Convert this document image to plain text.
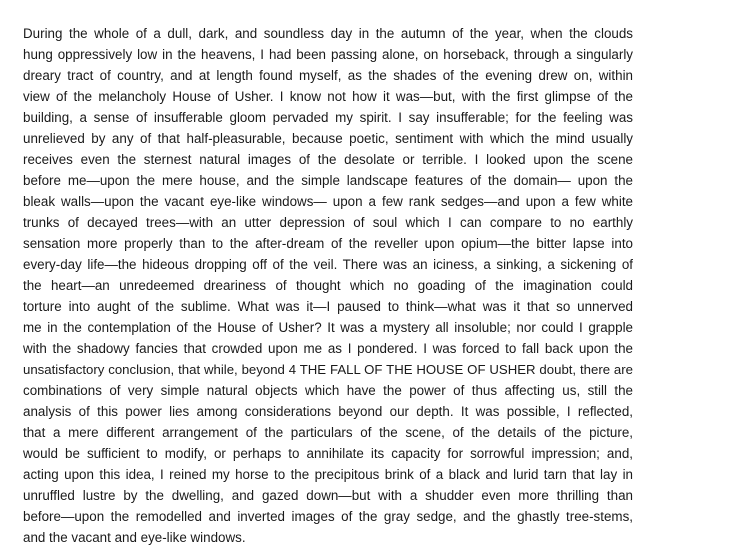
During the whole of a dull, dark, and soundless day in the autumn of the year, when the clouds
hung oppressively low in the heavens, I had been passing alone, on horseback, through a singularly
dreary tract of country, and at length found myself, as the shades of the evening drew on, within
view of the melancholy House of Usher. I know not how it was—but, with the first glimpse of the
building, a sense of insufferable gloom pervaded my spirit. I say insufferable; for the feeling was
unrelieved by any of that half-pleasurable, because poetic, sentiment with which the mind usually
receives even the sternest natural images of the desolate or terrible. I looked upon the scene
before me—upon the mere house, and the simple landscape features of the domain— upon the
bleak walls—upon the vacant eye-like windows— upon a few rank sedges—and upon a few white
trunks of decayed trees—with an utter depression of soul which I can compare to no earthly
sensation more properly than to the after-dream of the reveller upon opium—the bitter lapse into
every-day life—the hideous dropping off of the veil. There was an iciness, a sinking, a sickening of
the heart—an unredeemed dreariness of thought which no goading of the imagination could
torture into aught of the sublime. What was it—I paused to think—what was it that so unnerved
me in the contemplation of the House of Usher? It was a mystery all insoluble; nor could I grapple
with the shadowy fancies that crowded upon me as I pondered. I was forced to fall back upon the
unsatisfactory conclusion, that while, beyond 4 THE FALL OF THE HOUSE OF USHER doubt, there are
combinations of very simple natural objects which have the power of thus affecting us, still the
analysis of this power lies among considerations beyond our depth. It was possible, I reflected,
that a mere different arrangement of the particulars of the scene, of the details of the picture,
would be sufficient to modify, or perhaps to annihilate its capacity for sorrowful impression; and,
acting upon this idea, I reined my horse to the precipitous brink of a black and lurid tarn that lay in
unruffled lustre by the dwelling, and gazed down—but with a shudder even more thrilling than
before—upon the remodelled and inverted images of the gray sedge, and the ghastly tree-stems,
and the vacant and eye-like windows.
